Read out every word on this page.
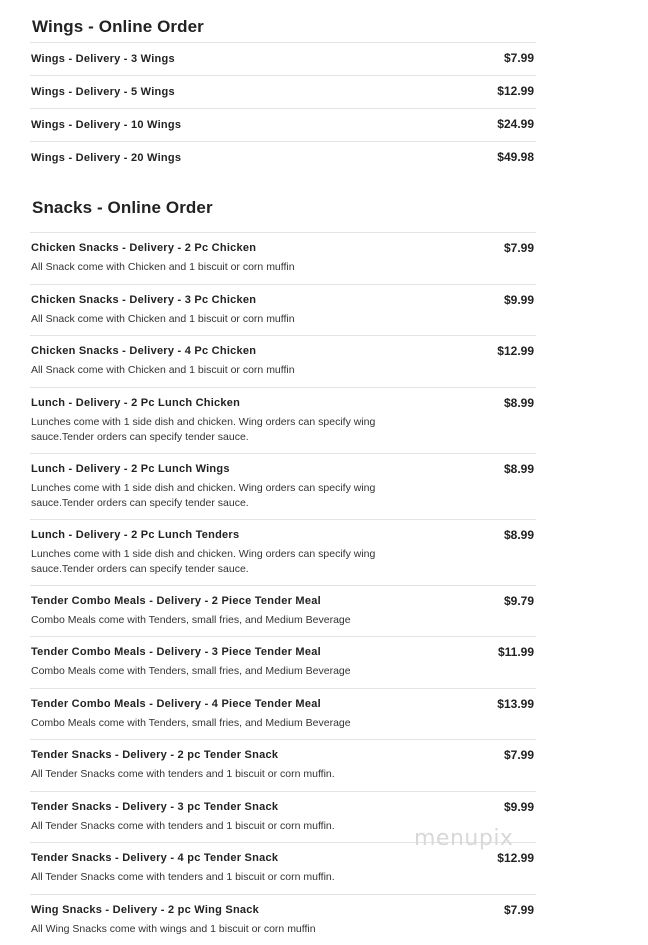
Wings - Online Order
Wings - Delivery - 3 Wings	$7.99
Wings - Delivery - 5 Wings	$12.99
Wings - Delivery - 10 Wings	$24.99
Wings - Delivery - 20 Wings	$49.98
Snacks - Online Order
Chicken Snacks - Delivery - 2 Pc Chicken	$7.99

All Snack come with Chicken and 1 biscuit or corn muffin

Chicken Snacks - Delivery - 3 Pc Chicken	$9.99

All Snack come with Chicken and 1 biscuit or corn muffin

Chicken Snacks - Delivery - 4 Pc Chicken	$12.99

All Snack come with Chicken and 1 biscuit or corn muffin

Lunch - Delivery - 2 Pc Lunch Chicken	$8.99

Lunches come with 1 side dish and chicken. Wing orders can specify wing sauce.Tender orders can specify tender sauce.

Lunch - Delivery - 2 Pc Lunch Wings	$8.99

Lunches come with 1 side dish and chicken. Wing orders can specify wing sauce.Tender orders can specify tender sauce.

Lunch - Delivery - 2 Pc Lunch Tenders	$8.99

Lunches come with 1 side dish and chicken. Wing orders can specify wing sauce.Tender orders can specify tender sauce.

Tender Combo Meals - Delivery - 2 Piece Tender Meal	$9.79

Combo Meals come with Tenders, small fries, and Medium Beverage

Tender Combo Meals - Delivery - 3 Piece Tender Meal	$11.99

Combo Meals come with Tenders, small fries, and Medium Beverage

Tender Combo Meals - Delivery - 4 Piece Tender Meal	$13.99

Combo Meals come with Tenders, small fries, and Medium Beverage

Tender Snacks - Delivery - 2 pc Tender Snack	$7.99

All Tender Snacks come with tenders and 1 biscuit or corn muffin.

Tender Snacks - Delivery - 3 pc Tender Snack	$9.99

All Tender Snacks come with tenders and 1 biscuit or corn muffin.

Tender Snacks - Delivery - 4 pc Tender Snack	$12.99

All Tender Snacks come with tenders and 1 biscuit or corn muffin.

Wing Snacks - Delivery - 2 pc Wing Snack	$7.99

All Wing Snacks come with wings and 1 biscuit or corn muffin

menupix
